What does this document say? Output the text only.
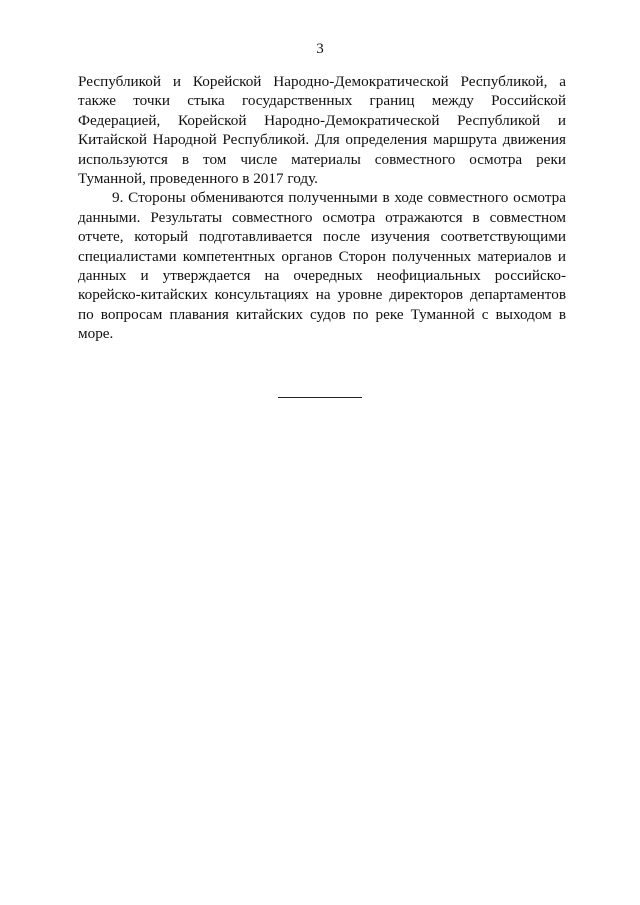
3

Республикой и Корейской Народно-Демократической Республикой, а также точки стыка государственных границ между Российской Федерацией, Корейской Народно-Демократической Республикой и Китайской Народной Республикой. Для определения маршрута движения используются в том числе материалы совместного осмотра реки Туманной, проведенного в 2017 году.

9. Стороны обмениваются полученными в ходе совместного осмотра данными. Результаты совместного осмотра отражаются в совместном отчете, который подготавливается после изучения соответствующими специалистами компетентных органов Сторон полученных материалов и данных и утверждается на очередных неофициальных российско-корейско-китайских консультациях на уровне директоров департаментов по вопросам плавания китайских судов по реке Туманной с выходом в море.
